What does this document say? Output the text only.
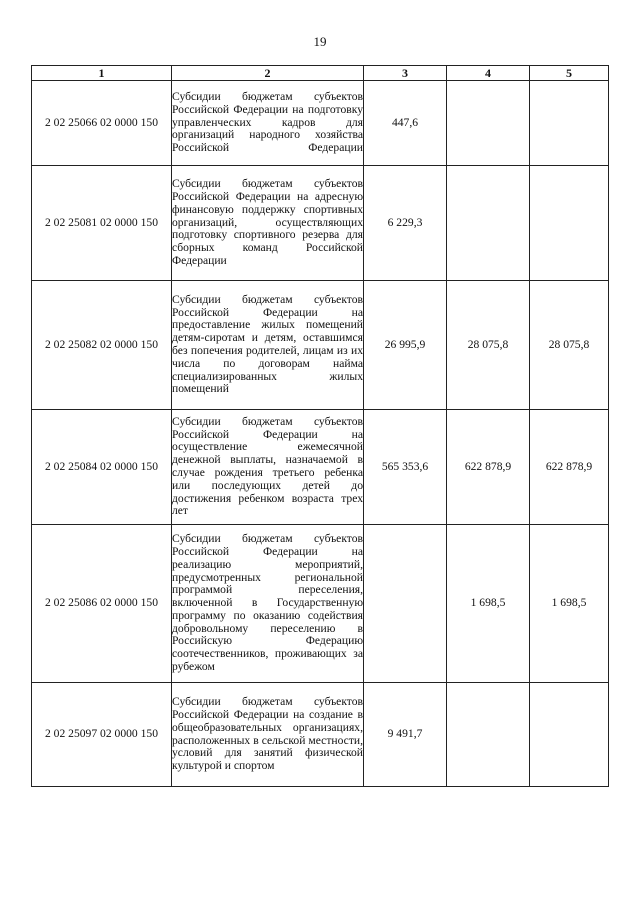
19
1	2	3	4	5
2 02 25066 02 0000 150	Субсидии бюджетам субъектов Российской Федерации на подготовку управленческих кадров для организаций народного хозяйства Российской Федерации	447,6		
2 02 25081 02 0000 150	Субсидии бюджетам субъектов Российской Федерации на адресную финансовую поддержку спортивных организаций, осуществляющих подготовку спортивного резерва для сборных команд Российской Федерации	6 229,3		
2 02 25082 02 0000 150	Субсидии бюджетам субъектов Российской Федерации на предоставление жилых помещений детям-сиротам и детям, оставшимся без попечения родителей, лицам из их числа по договорам найма специализированных жилых помещений	26 995,9	28 075,8	28 075,8
2 02 25084 02 0000 150	Субсидии бюджетам субъектов Российской Федерации на осуществление ежемесячной денежной выплаты, назначаемой в случае рождения третьего ребенка или последующих детей до достижения ребенком возраста трех лет	565 353,6	622 878,9	622 878,9
2 02 25086 02 0000 150	Субсидии бюджетам субъектов Российской Федерации на реализацию мероприятий, предусмотренных региональной программой переселения, включенной в Государственную программу по оказанию содействия добровольному переселению в Российскую Федерацию соотечественников, проживающих за рубежом		1 698,5	1 698,5
2 02 25097 02 0000 150	Субсидии бюджетам субъектов Российской Федерации на создание в общеобразовательных организациях, расположенных в сельской местности, условий для занятий физической культурой и спортом	9 491,7		
